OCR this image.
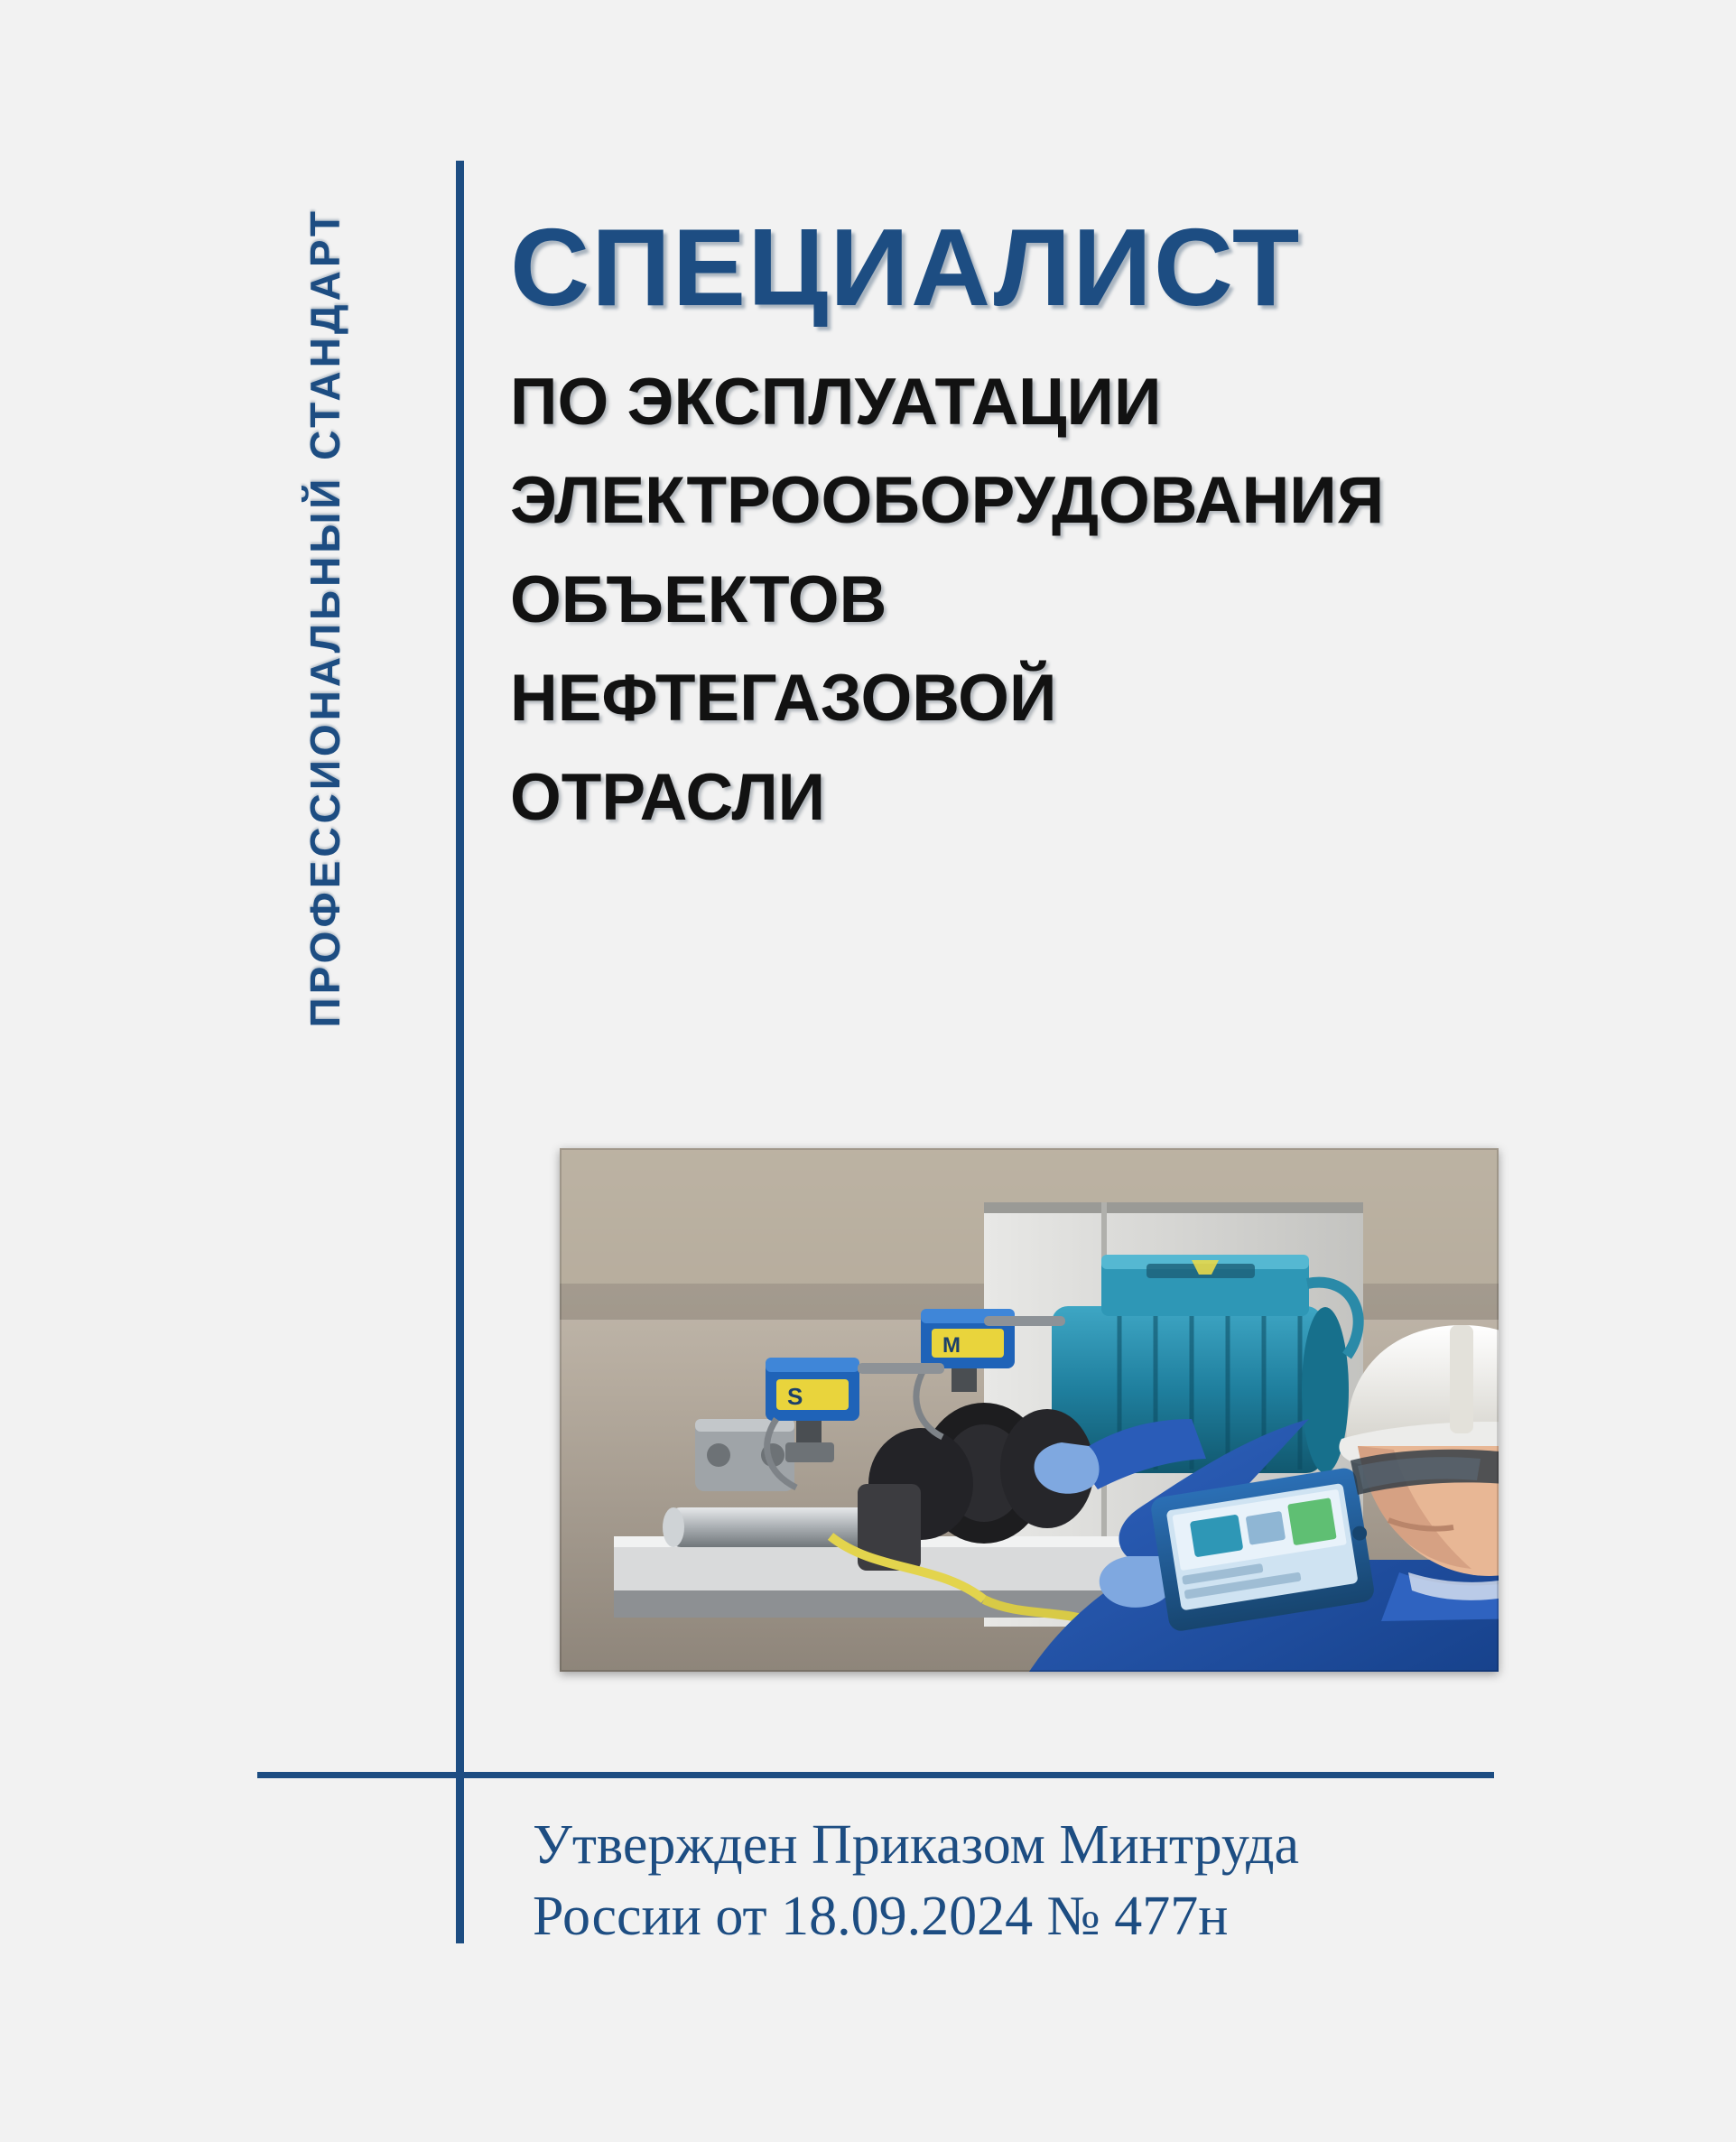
ПРОФЕССИОНАЛЬНЫЙ СТАНДАРТ СПЕЦИАЛИСТ
ПО ЭКСПЛУАТАЦИИ
ЭЛЕКТРООБОРУДОВАНИЯ
ОБЪЕКТОВ
НЕФТЕГАЗОВОЙ
ОТРАСЛИ
S
M
Утвержден Приказом Минтруда
России от 18.09.2024 № 477н
